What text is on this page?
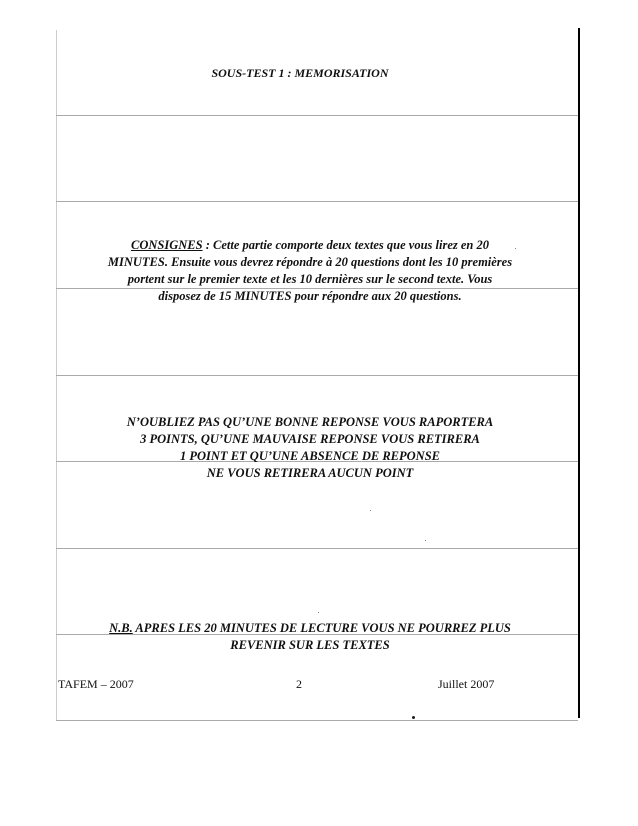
SOUS-TEST 1 : MEMORISATION
CONSIGNES : Cette partie comporte deux textes que vous lirez en 20
MINUTES. Ensuite vous devrez répondre à 20 questions dont les 10 premières
portent sur le premier texte et les 10 dernières sur le second texte. Vous
disposez de 15 MINUTES pour répondre aux 20 questions.
N’OUBLIEZ PAS QU’UNE BONNE REPONSE VOUS RAPORTERA
3 POINTS, QU’UNE MAUVAISE REPONSE VOUS RETIRERA
1 POINT ET QU’UNE ABSENCE DE REPONSE
NE VOUS RETIRERA AUCUN POINT
N.B. APRES LES 20 MINUTES DE LECTURE VOUS NE POURREZ PLUS
REVENIR SUR LES TEXTES
TAFEM – 2007	2	Juillet 2007
